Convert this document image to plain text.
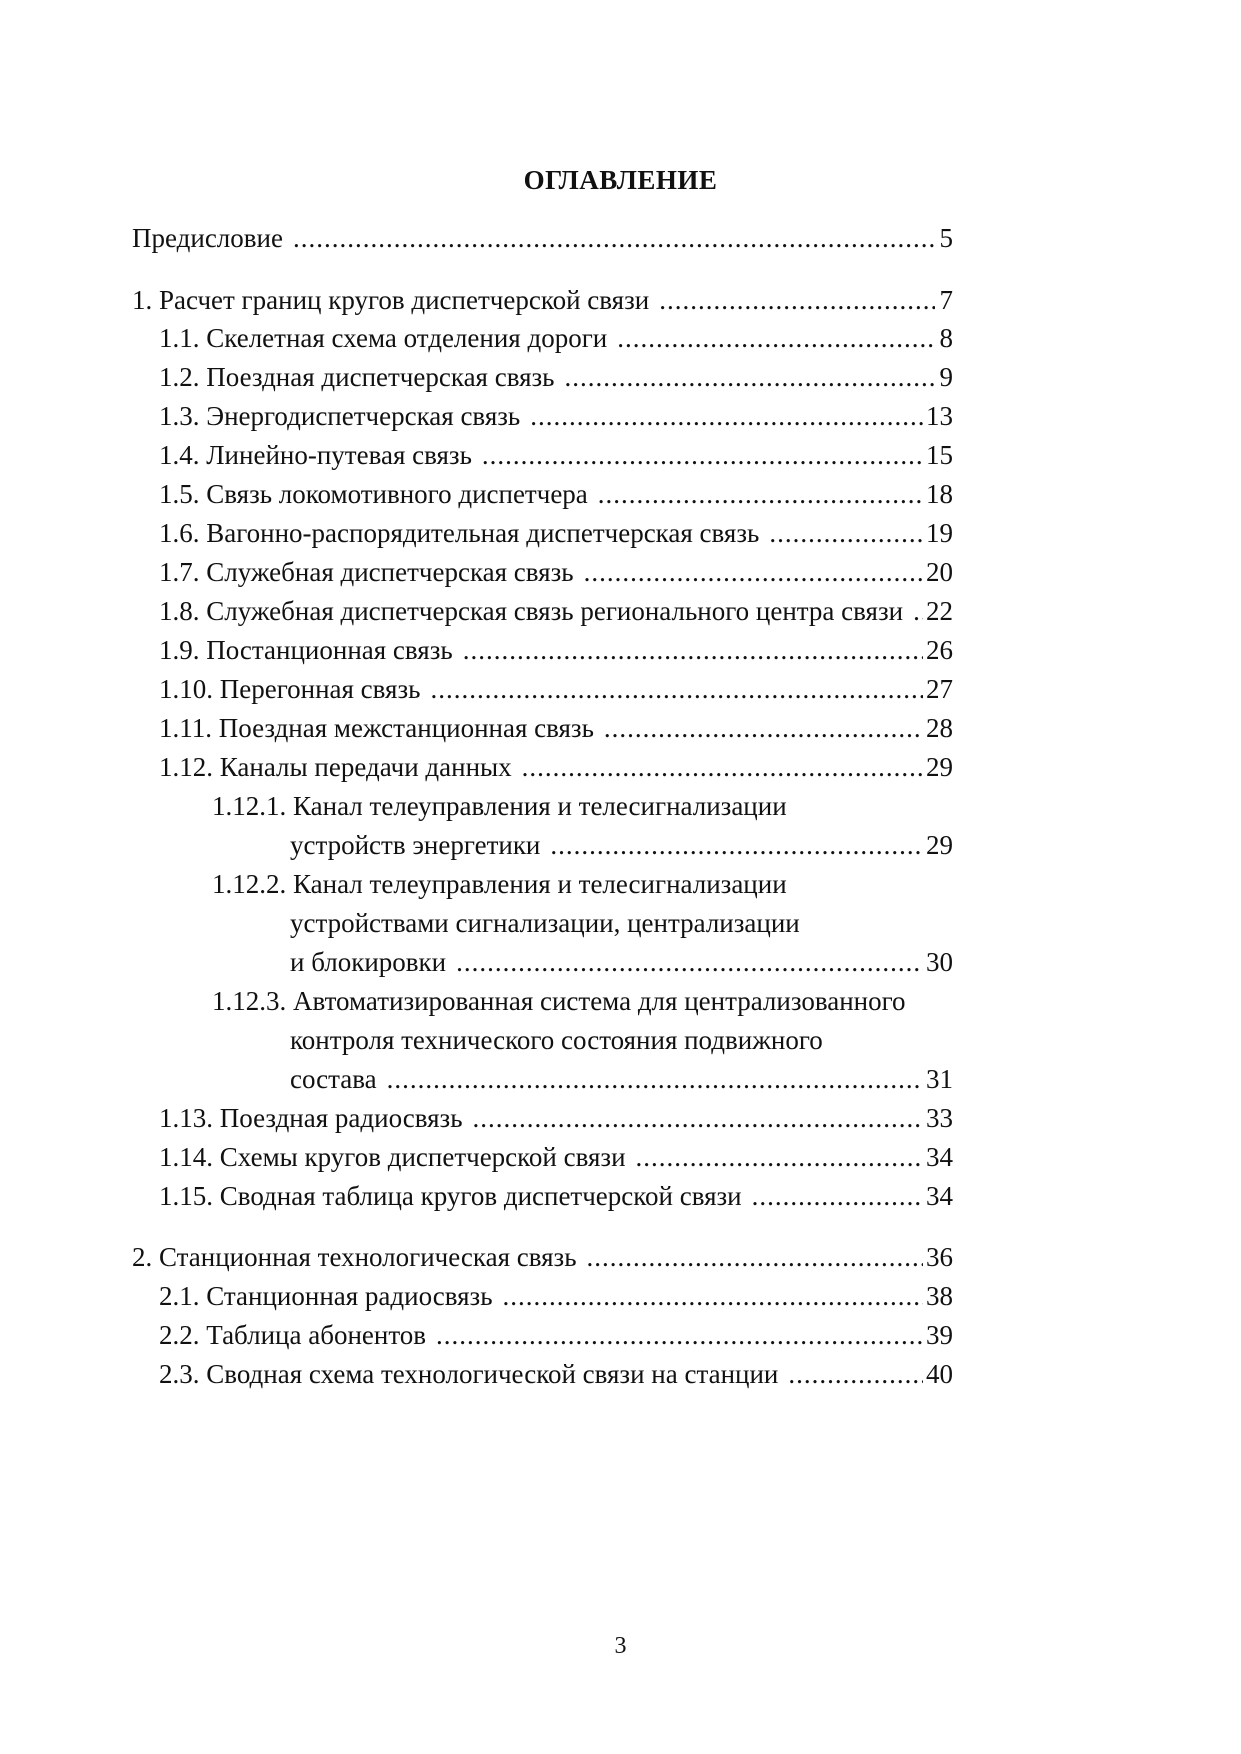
ОГЛАВЛЕНИЕ
Предисловие .....	5
1. Расчет границ кругов диспетчерской связи .....	7
1.1. Скелетная схема отделения дороги .....	8
1.2. Поездная диспетчерская связь .....	9
1.3. Энергодиспетчерская связь .....	13
1.4. Линейно-путевая связь .....	15
1.5. Связь локомотивного диспетчера .....	18
1.6. Вагонно-распорядительная диспетчерская связь .....	19
1.7. Служебная диспетчерская связь .....	20
1.8. Служебная диспетчерская связь регионального центра связи ..... 22
1.9. Постанционная связь .....	26
1.10. Перегонная связь .....	27
1.11. Поездная межстанционная связь .....	28
1.12. Каналы передачи данных .....	29
1.12.1. Канал телеуправления и телесигнализации
устройств энергетики .....	29
1.12.2. Канал телеуправления и телесигнализации
устройствами сигнализации, централизации
и блокировки .....	30
1.12.3. Автоматизированная система для централизованного
контроля технического состояния подвижного
состава .....	31
1.13. Поездная радиосвязь .....	33
1.14. Схемы кругов диспетчерской связи .....	34
1.15. Сводная таблица кругов диспетчерской связи .....	34
2. Станционная технологическая связь .....	36
2.1. Станционная радиосвязь .....	38
2.2. Таблица абонентов .....	39
2.3. Сводная схема технологической связи на станции .....	40
3
